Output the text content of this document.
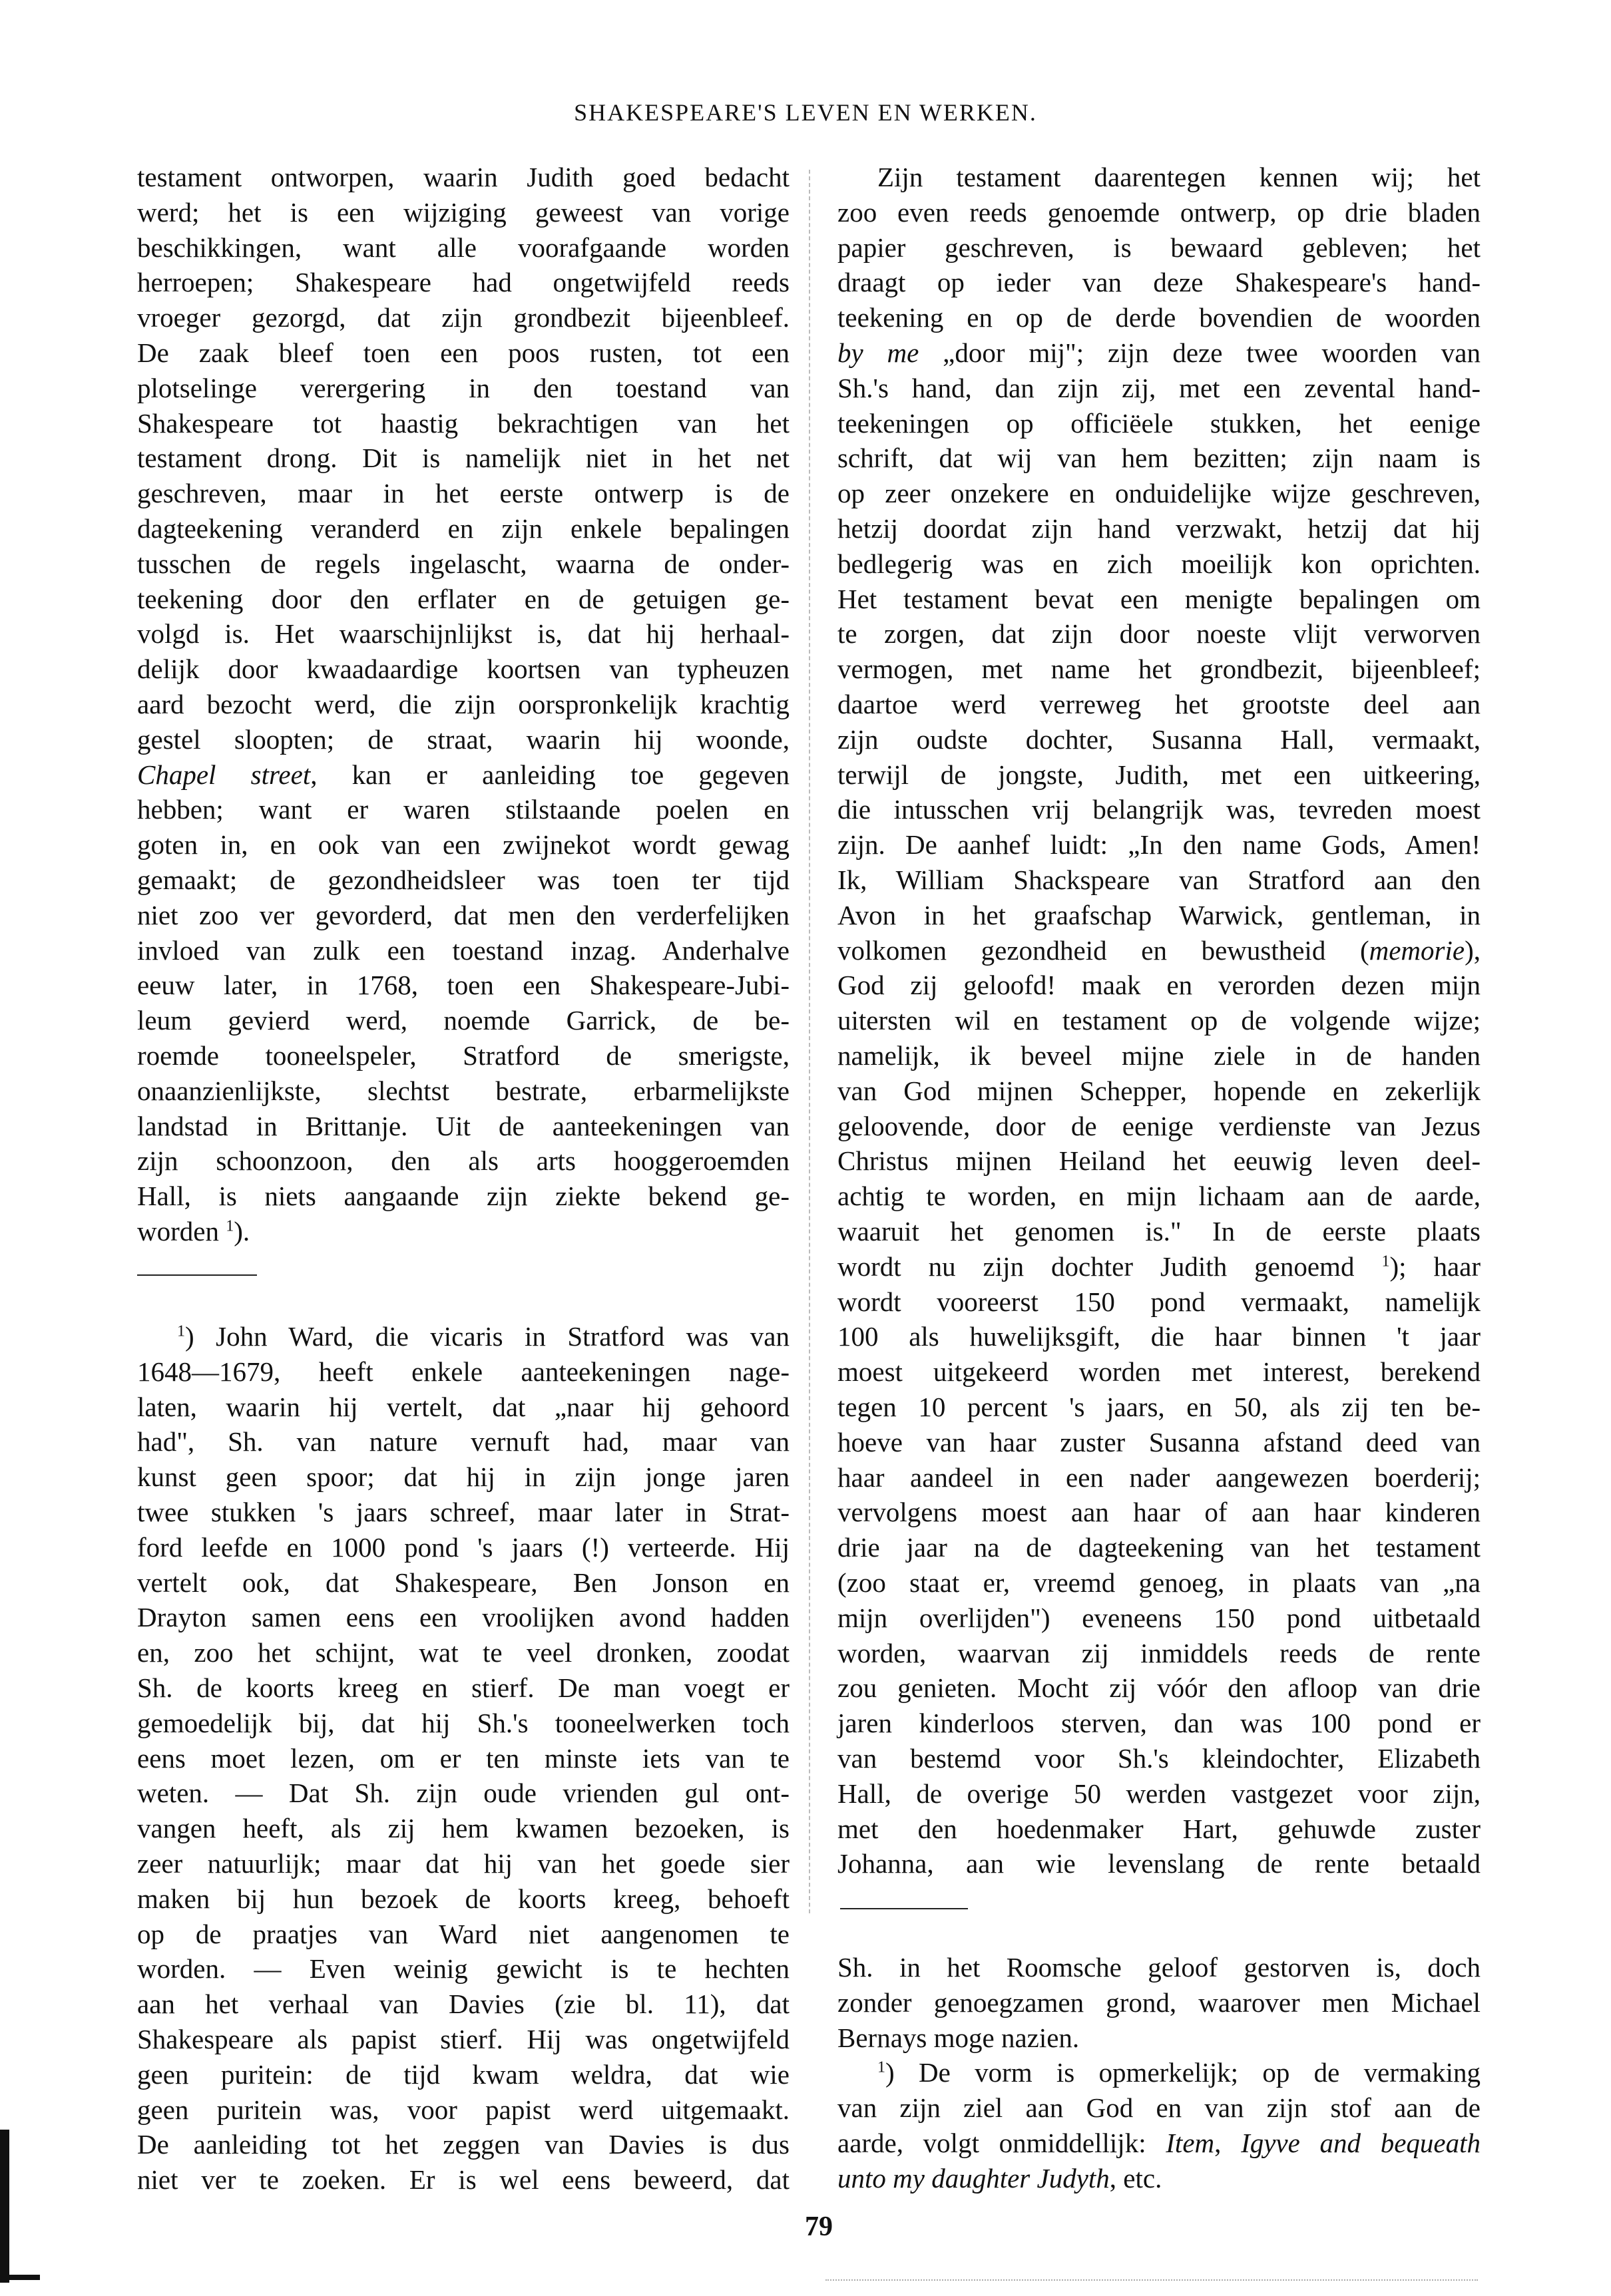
SHAKESPEARE'S LEVEN EN WERKEN.
testament ontworpen, waarin Judith goed bedacht
werd; het is een wijziging geweest van vorige
beschikkingen, want alle voorafgaande worden
herroepen; Shakespeare had ongetwijfeld reeds
vroeger gezorgd, dat zijn grondbezit bijeenbleef.
De zaak bleef toen een poos rusten, tot een
plotselinge verergering in den toestand van
Shakespeare tot haastig bekrachtigen van het
testament drong. Dit is namelijk niet in het net
geschreven, maar in het eerste ontwerp is de
dagteekening veranderd en zijn enkele bepalingen
tusschen de regels ingelascht, waarna de onder-
teekening door den erflater en de getuigen ge-
volgd is. Het waarschijnlijkst is, dat hij herhaal-
delijk door kwaadaardige koortsen van typheuzen
aard bezocht werd, die zijn oorspronkelijk krachtig
gestel sloopten; de straat, waarin hij woonde,
Chapel street, kan er aanleiding toe gegeven
hebben; want er waren stilstaande poelen en
goten in, en ook van een zwijnekot wordt gewag
gemaakt; de gezondheidsleer was toen ter tijd
niet zoo ver gevorderd, dat men den verderfelijken
invloed van zulk een toestand inzag. Anderhalve
eeuw later, in 1768, toen een Shakespeare-Jubi-
leum gevierd werd, noemde Garrick, de be-
roemde tooneelspeler, Stratford de smerigste,
onaanzienlijkste, slechtst bestrate, erbarmelijkste
landstad in Brittanje. Uit de aanteekeningen van
zijn schoonzoon, den als arts hooggeroemden
Hall, is niets aangaande zijn ziekte bekend ge-
worden $^1$).
$^1$) John Ward, die vicaris in Stratford was van
1648—1679, heeft enkele aanteekeningen nage-
laten, waarin hij vertelt, dat „naar hij gehoord
had", Sh. van nature vernuft had, maar van
kunst geen spoor; dat hij in zijn jonge jaren
twee stukken 's jaars schreef, maar later in Strat-
ford leefde en 1000 pond 's jaars (!) verteerde. Hij
vertelt ook, dat Shakespeare, Ben Jonson en
Drayton samen eens een vroolijken avond hadden
en, zoo het schijnt, wat te veel dronken, zoodat
Sh. de koorts kreeg en stierf. De man voegt er
gemoedelijk bij, dat hij Sh.'s tooneelwerken toch
eens moet lezen, om er ten minste iets van te
weten. — Dat Sh. zijn oude vrienden gul ont-
vangen heeft, als zij hem kwamen bezoeken, is
zeer natuurlijk; maar dat hij van het goede sier
maken bij hun bezoek de koorts kreeg, behoeft
op de praatjes van Ward niet aangenomen te
worden. — Even weinig gewicht is te hechten
aan het verhaal van Davies (zie bl. 11), dat
Shakespeare als papist stierf. Hij was ongetwijfeld
geen puritein: de tijd kwam weldra, dat wie
geen puritein was, voor papist werd uitgemaakt.
De aanleiding tot het zeggen van Davies is dus
niet ver te zoeken. Er is wel eens beweerd, dat
Zijn testament daarentegen kennen wij; het
zoo even reeds genoemde ontwerp, op drie bladen
papier geschreven, is bewaard gebleven; het
draagt op ieder van deze Shakespeare's hand-
teekening en op de derde bovendien de woorden
by me „door mij"; zijn deze twee woorden van
Sh.'s hand, dan zijn zij, met een zevental hand-
teekeningen op officiëele stukken, het eenige
schrift, dat wij van hem bezitten; zijn naam is
op zeer onzekere en onduidelijke wijze geschreven,
hetzij doordat zijn hand verzwakt, hetzij dat hij
bedlegerig was en zich moeilijk kon oprichten.
Het testament bevat een menigte bepalingen om
te zorgen, dat zijn door noeste vlijt verworven
vermogen, met name het grondbezit, bijeenbleef;
daartoe werd verreweg het grootste deel aan
zijn oudste dochter, Susanna Hall, vermaakt,
terwijl de jongste, Judith, met een uitkeering,
die intusschen vrij belangrijk was, tevreden moest
zijn. De aanhef luidt: „In den name Gods, Amen!
Ik, William Shackspeare van Stratford aan den
Avon in het graafschap Warwick, gentleman, in
volkomen gezondheid en bewustheid (memorie),
God zij geloofd! maak en verorden dezen mijn
uitersten wil en testament op de volgende wijze;
namelijk, ik beveel mijne ziele in de handen
van God mijnen Schepper, hopende en zekerlijk
geloovende, door de eenige verdienste van Jezus
Christus mijnen Heiland het eeuwig leven deel-
achtig te worden, en mijn lichaam aan de aarde,
waaruit het genomen is." In de eerste plaats
wordt nu zijn dochter Judith genoemd $^1$); haar
wordt vooreerst 150 pond vermaakt, namelijk
100 als huwelijksgift, die haar binnen 't jaar
moest uitgekeerd worden met interest, berekend
tegen 10 percent 's jaars, en 50, als zij ten be-
hoeve van haar zuster Susanna afstand deed van
haar aandeel in een nader aangewezen boerderij;
vervolgens moest aan haar of aan haar kinderen
drie jaar na de dagteekening van het testament
(zoo staat er, vreemd genoeg, in plaats van „na
mijn overlijden") eveneens 150 pond uitbetaald
worden, waarvan zij inmiddels reeds de rente
zou genieten. Mocht zij vóór den afloop van drie
jaren kinderloos sterven, dan was 100 pond er
van bestemd voor Sh.'s kleindochter, Elizabeth
Hall, de overige 50 werden vastgezet voor zijn,
met den hoedenmaker Hart, gehuwde zuster
Johanna, aan wie levenslang de rente betaald
Sh. in het Roomsche geloof gestorven is, doch
zonder genoegzamen grond, waarover men Michael
Bernays moge nazien.
$^1$) De vorm is opmerkelijk; op de vermaking
van zijn ziel aan God en van zijn stof aan de
aarde, volgt onmiddellijk: Item, Igyve and bequeath
unto my daughter Judyth, etc.
79
